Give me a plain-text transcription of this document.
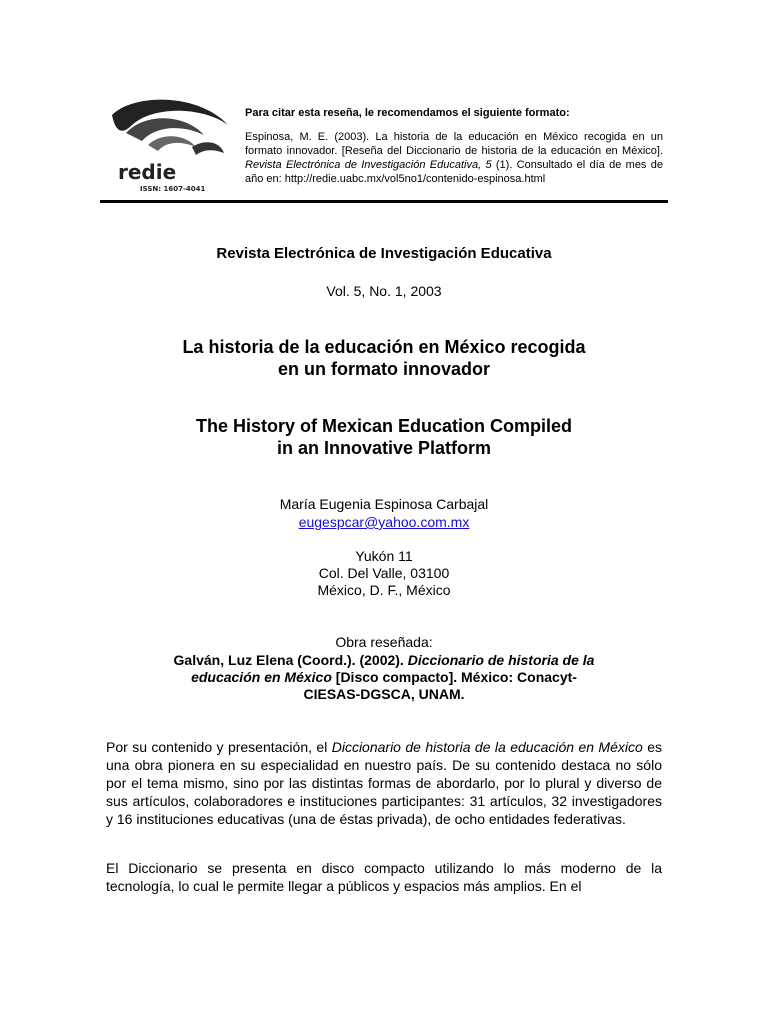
redie
ISSN: 1607-4041

Para citar esta reseña, le recomendamos el siguiente formato:

Espinosa, M. E. (2003). La historia de la educación en México recogida en un formato innovador. [Reseña del Diccionario de historia de la educación en México]. Revista Electrónica de Investigación Educativa, 5 (1). Consultado el día de mes de año en: http://redie.uabc.mx/vol5no1/contenido-espinosa.html

Revista Electrónica de Investigación Educativa
Vol. 5, No. 1, 2003
La historia de la educación en México recogida
en un formato innovador
The History of Mexican Education Compiled
in an Innovative Platform
María Eugenia Espinosa Carbajal
eugespcar@yahoo.com.mx
Yukón 11
Col. Del Valle, 03100
México, D. F., México
Obra reseñada:
Galván, Luz Elena (Coord.). (2002). Diccionario de historia de la
educación en México [Disco compacto]. México: Conacyt-
CIESAS-DGSCA, UNAM.

Por su contenido y presentación, el Diccionario de historia de la educación en México es una obra pionera en su especialidad en nuestro país. De su contenido destaca no sólo por el tema mismo, sino por las distintas formas de abordarlo, por lo plural y diverso de sus artículos, colaboradores e instituciones participantes: 31 artículos, 32 investigadores y 16 instituciones educativas (una de éstas privada), de ocho entidades federativas.

El Diccionario se presenta en disco compacto utilizando lo más moderno de la tecnología, lo cual le permite llegar a públicos y espacios más amplios. En el
